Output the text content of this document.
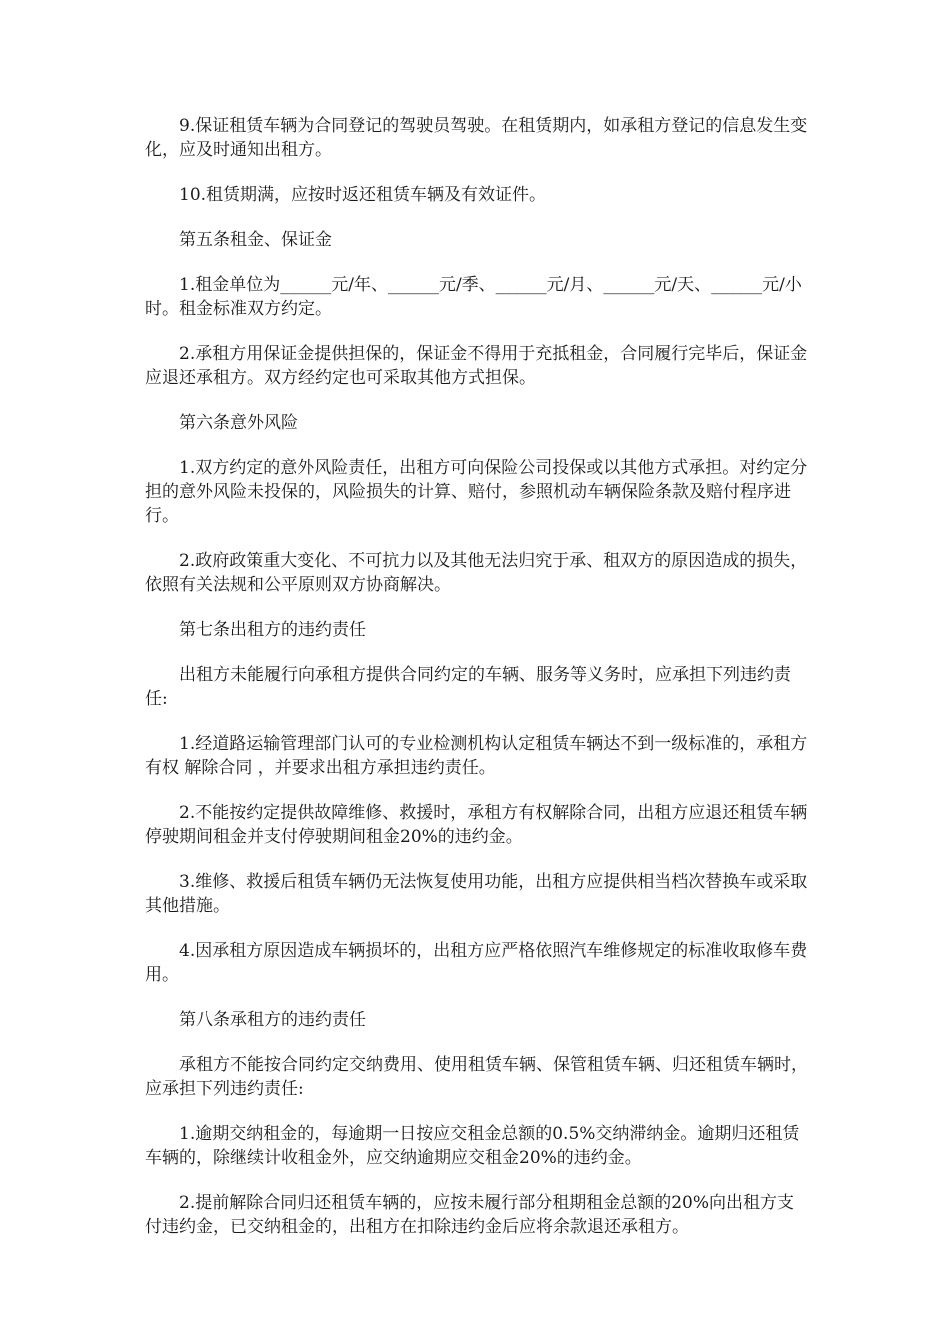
9.保证租赁车辆为合同登记的驾驶员驾驶。在租赁期内，如承租方登记的信息发生变化，应及时通知出租方。

10.租赁期满，应按时返还租赁车辆及有效证件。

第五条租金、保证金

1.租金单位为______元/年、______元/季、______元/月、______元/天、______元/小时。租金标准双方约定。

2.承租方用保证金提供担保的，保证金不得用于充抵租金，合同履行完毕后，保证金应退还承租方。双方经约定也可采取其他方式担保。

第六条意外风险

1.双方约定的意外风险责任，出租方可向保险公司投保或以其他方式承担。对约定分担的意外风险未投保的，风险损失的计算、赔付，参照机动车辆保险条款及赔付程序进行。

2.政府政策重大变化、不可抗力以及其他无法归究于承、租双方的原因造成的损失，依照有关法规和公平原则双方协商解决。

第七条出租方的违约责任

出租方未能履行向承租方提供合同约定的车辆、服务等义务时，应承担下列违约责任:

1.经道路运输管理部门认可的专业检测机构认定租赁车辆达不到一级标准的，承租方有权 解除合同 ，并要求出租方承担违约责任。

2.不能按约定提供故障维修、救援时，承租方有权解除合同，出租方应退还租赁车辆停驶期间租金并支付停驶期间租金20%的违约金。

3.维修、救援后租赁车辆仍无法恢复使用功能，出租方应提供相当档次替换车或采取其他措施。

4.因承租方原因造成车辆损坏的，出租方应严格依照汽车维修规定的标准收取修车费用。

第八条承租方的违约责任

承租方不能按合同约定交纳费用、使用租赁车辆、保管租赁车辆、归还租赁车辆时，应承担下列违约责任:

1.逾期交纳租金的，每逾期一日按应交租金总额的0.5%交纳滞纳金。逾期归还租赁车辆的，除继续计收租金外，应交纳逾期应交租金20%的违约金。

2.提前解除合同归还租赁车辆的，应按未履行部分租期租金总额的20%向出租方支付违约金，已交纳租金的，出租方在扣除违约金后应将余款退还承租方。
